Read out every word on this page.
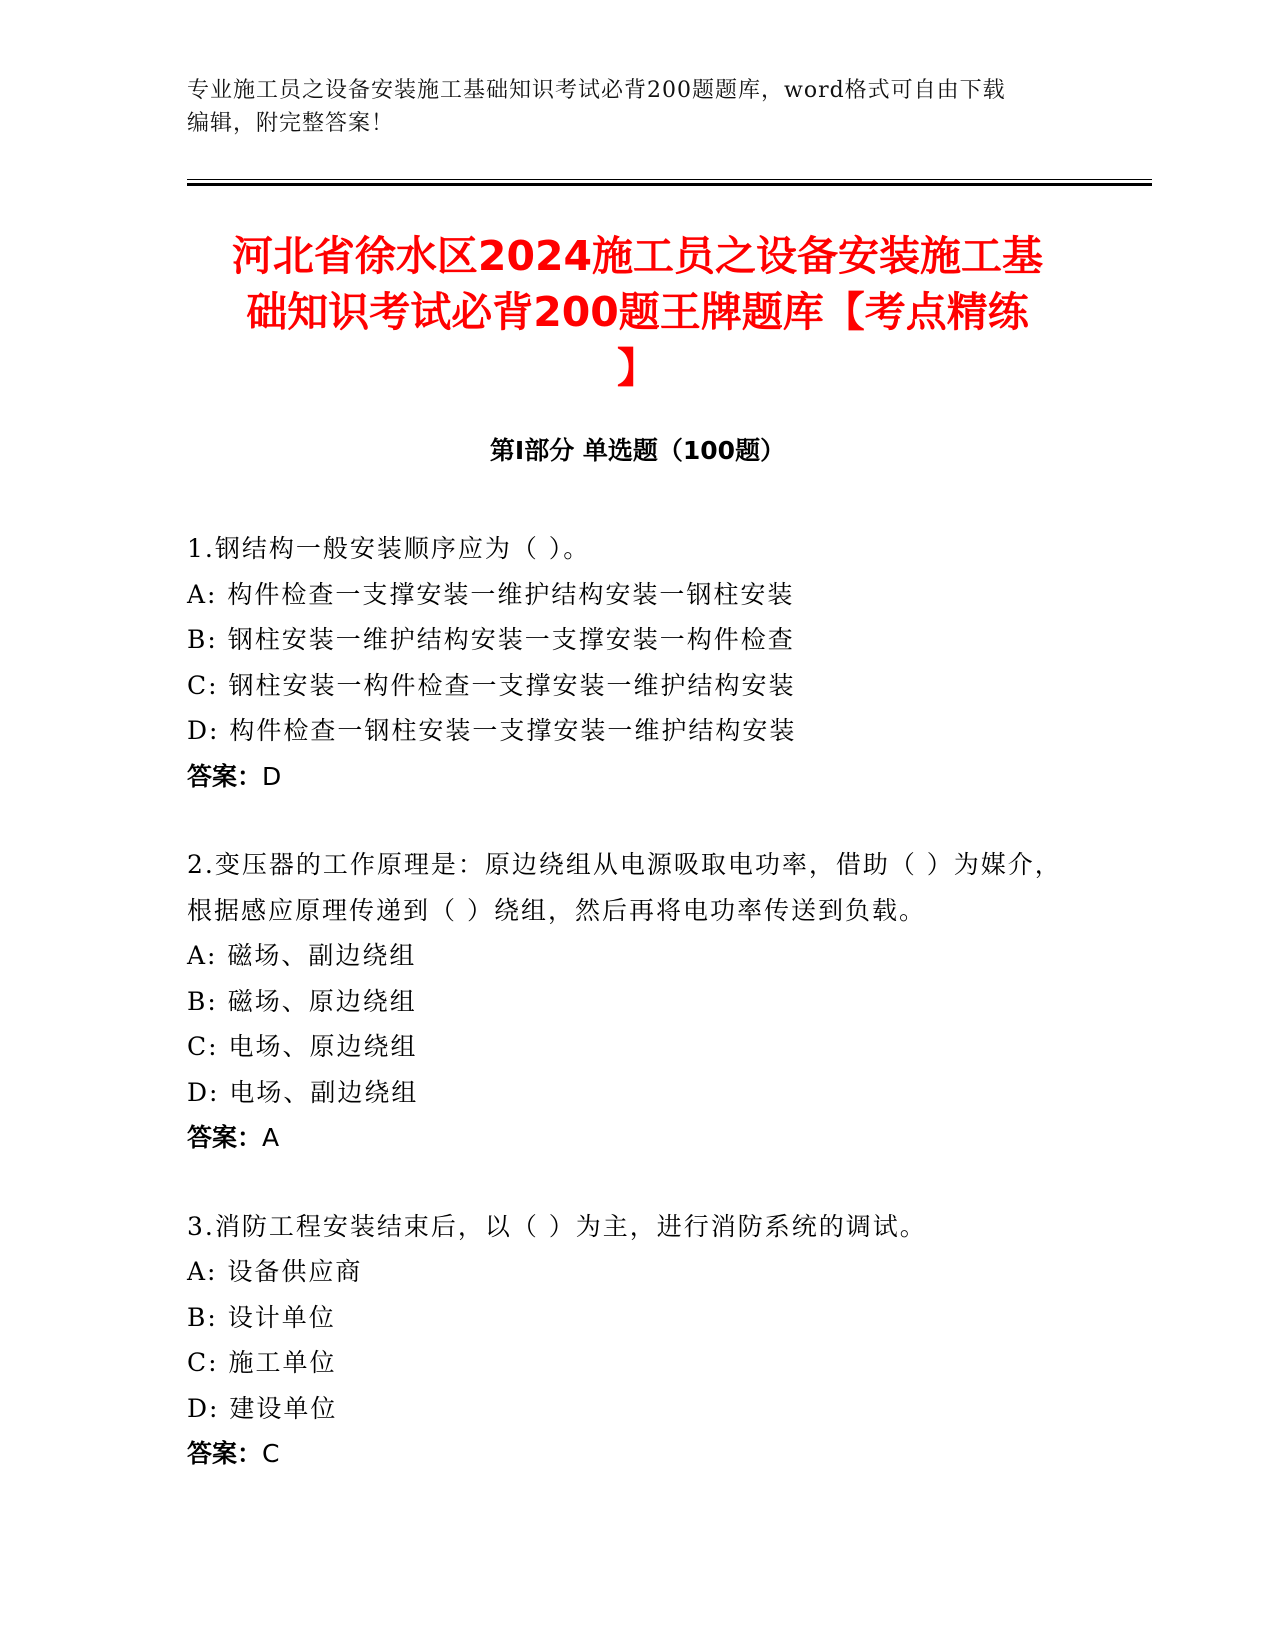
专业施工员之设备安装施工基础知识考试必背200题题库，word格式可自由下载
编辑，附完整答案！
河北省徐水区2024施工员之设备安装施工基
础知识考试必背200题王牌题库【考点精练
】
第Ⅰ部分 单选题（100题）
1.钢结构一般安装顺序应为（ ）。
A: 构件检查一支撑安装一维护结构安装一钢柱安装
B: 钢柱安装一维护结构安装一支撑安装一构件检查
C: 钢柱安装一构件检查一支撑安装一维护结构安装
D: 构件检查一钢柱安装一支撑安装一维护结构安装
答案：D
2.变压器的工作原理是：原边绕组从电源吸取电功率，借助（ ）为媒介，根据感应原理传递到（ ）绕组，然后再将电功率传送到负载。
A: 磁场、副边绕组
B: 磁场、原边绕组
C: 电场、原边绕组
D: 电场、副边绕组
答案：A
3.消防工程安装结束后，以（ ）为主，进行消防系统的调试。
A: 设备供应商
B: 设计单位
C: 施工单位
D: 建设单位
答案：C
